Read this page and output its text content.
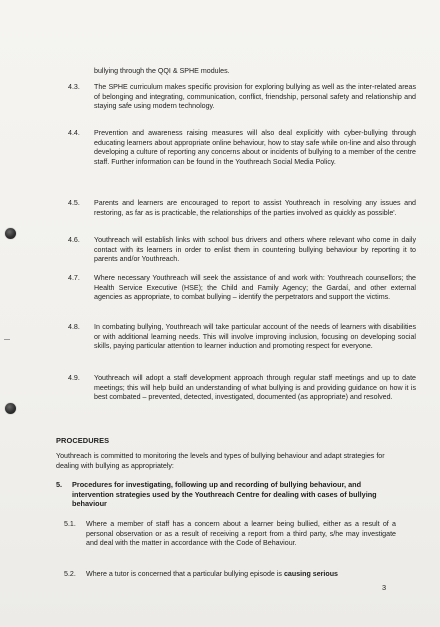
bullying through the QQI & SPHE modules.

4.3.	The SPHE curriculum makes specific provision for exploring bullying as well as the inter-related areas of belonging and integrating, communication, conflict, friendship, personal safety and relationship and staying safe using modern technology.
4.4.	Prevention and awareness raising measures will also deal explicitly with cyber-bullying through educating learners about appropriate online behaviour, how to stay safe while on-line and also through developing a culture of reporting any concerns about or incidents of bullying to a member of the centre staff. Further information can be found in the Youthreach Social Media Policy.
4.5.	Parents and learners are encouraged to report to assist Youthreach in resolving any issues and restoring, as far as is practicable, the relationships of the parties involved as quickly as possible'.
4.6.	Youthreach will establish links with school bus drivers and others where relevant who come in daily contact with its learners in order to enlist them in countering bullying behaviour by reporting it to parents and/or Youthreach.
4.7.	Where necessary Youthreach will seek the assistance of and work with: Youthreach counsellors; the Health Service Executive (HSE); the Child and Family Agency; the Gardaí, and other external agencies as appropriate, to combat bullying – identify the perpetrators and support the victims.
4.8.	In combating bullying, Youthreach will take particular account of the needs of learners with disabilities or with additional learning needs. This will involve improving inclusion, focusing on developing social skills, paying particular attention to learner induction and promoting respect for everyone.
4.9.	Youthreach will adopt a staff development approach through regular staff meetings and up to date meetings; this will help build an understanding of what bullying is and providing guidance on how it is best combated – prevented, detected, investigated, documented (as appropriate) and resolved.
PROCEDURES
Youthreach is committed to monitoring the levels and types of bullying behaviour and adapt strategies for dealing with bullying as appropriately:
5. Procedures for investigating, following up and recording of bullying behaviour, and intervention strategies used by the Youthreach Centre for dealing with cases of bullying behaviour
5.1. Where a member of staff has a concern about a learner being bullied, either as a result of a personal observation or as a result of receiving a report from a third party, s/he may investigate and deal with the matter in accordance with the Code of Behaviour.
5.2. Where a tutor is concerned that a particular bullying episode is causing serious
3
